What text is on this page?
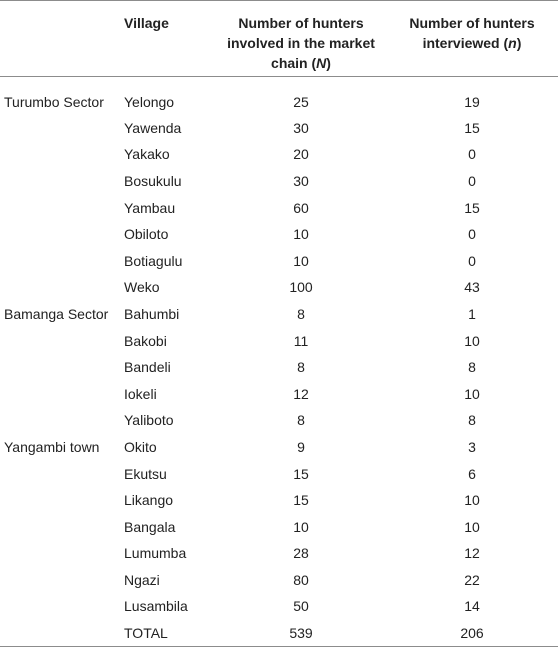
	Village	Number of hunters involved in the market chain (N)	Number of hunters interviewed (n)
Turumbo Sector	Yelongo	25	19
	Yawenda	30	15
	Yakako	20	0
	Bosukulu	30	0
	Yambau	60	15
	Obiloto	10	0
	Botiagulu	10	0
	Weko	100	43
Bamanga Sector	Bahumbi	8	1
	Bakobi	11	10
	Bandeli	8	8
	Iokeli	12	10
	Yaliboto	8	8
Yangambi town	Okito	9	3
	Ekutsu	15	6
	Likango	15	10
	Bangala	10	10
	Lumumba	28	12
	Ngazi	80	22
	Lusambila	50	14
	TOTAL	539	206
